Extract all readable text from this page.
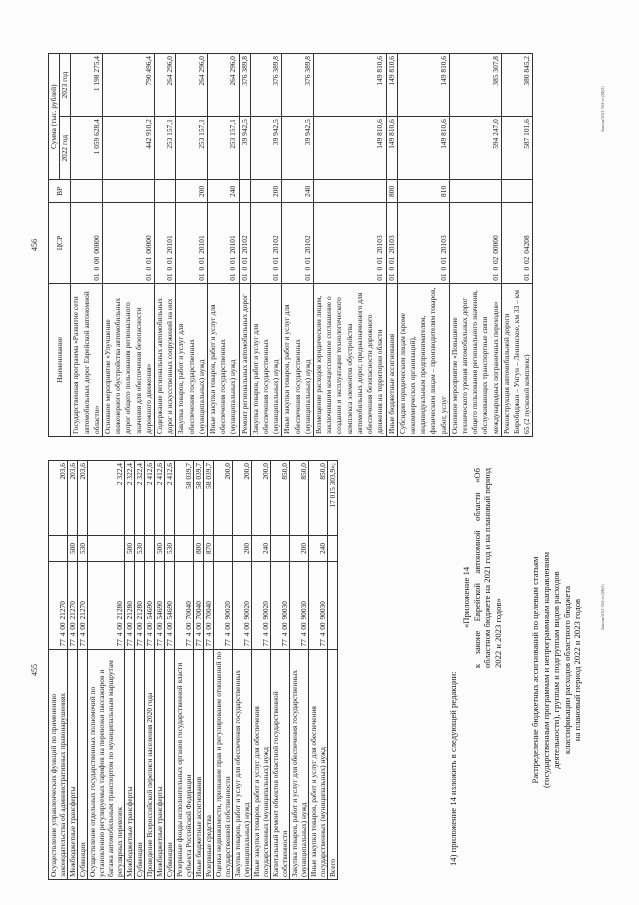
455
Осуществление управленческих функций по применению законодательства об административных правонарушениях	77 4 00 21270		203,6
Межбюджетные трансферты	77 4 00 21270	500	203,6
Субвенции	77 4 00 21270	530	203,6
Осуществление отдельных государственных полномочий по установлению регулируемых тарифов на перевозки пассажиров и багажа автомобильным транспортом по муниципальным маршрутам регулярных перевозок	77 4 00 21280		2 322,4
Межбюджетные трансферты	77 4 00 21280	500	2 322,4
Субвенции	77 4 00 21280	530	2 322,4
Проведение Всероссийской переписи населения 2020 года	77 4 00 54690		2 412,6
Межбюджетные трансферты	77 4 00 54690	500	2 412,6
Субвенции	77 4 00 54690	530	2 412,6
Резервные фонды исполнительных органов государственной власти субъекта Российской Федерации	77 4 00 70040		58 039,7
Иные бюджетные ассигнования	77 4 00 70040	800	58 039,7
Резервные средства	77 4 00 70040	870	58 039,7
Оценка недвижимости, признание прав и регулирование отношений по государственной собственности	77 4 00 90020		200,0
Закупка товаров, работ и услуг для обеспечения государственных (муниципальных) нужд	77 4 00 90020	200	200,0
Иные закупки товаров, работ и услуг для обеспечения государственных (муниципальных) нужд	77 4 00 90020	240	200,0
Капитальный ремонт объектов областной государственной собственности	77 4 00 90030		850,0
Закупка товаров, работ и услуг для обеспечения государственных (муниципальных) нужд	77 4 00 90030	200	850,0
Иные закупки товаров, работ и услуг для обеспечения государственных (муниципальных) нужд	77 4 00 90030	240	850,0
Всего			17 015 303,9»;
14) приложение 14 изложить в следующей редакции:
«Приложение 14 к законе Еврейской автономной области «Об областном бюджете на 2021 год и на плановый период 2022 и 2023 годов»	Распределение бюджетных ассигнований по целевым статьям (государственным программам и непрограммным направлениям деятельности), группам и подгруппам видов расходов классификации расходов областного бюджета на плановый период 2022 и 2023 годов	Законы/2021-304-зо-ДФ(3)
456
Наименование	ЦСР	ВР	Сумма (тыс. рублей)	
			2022 год	2023 год
Государственная программа «Развитие сети автомобильных дорог Еврейской автономной области»	01 0 00 00000		1 059 628,4	1 198 275,4
Основное мероприятие «Улучшение инженерного обустройства автомобильных дорог общего пользования регионального значения для обеспечения безопасности дорожного движения»	01 0 01 00000		442 910,2	790 496,4
Содержание региональных автомобильных дорог и искусственных сооружений на них	01 0 01 20101		253 157,1	264 296,0
Закупка товаров, работ и услуг для обеспечения государственных (муниципальных) нужд	01 0 01 20101	200	253 157,1	264 296,0
Иные закупки товаров, работ и услуг для обеспечения государственных (муниципальных) нужд	01 0 01 20101	240	253 157,1	264 296,0
Ремонт региональных автомобильных дорог	01 0 01 20102		39 942,5	376 389,8
Закупка товаров, работ и услуг для обеспечения государственных (муниципальных) нужд	01 0 01 20102	200	39 942,5	376 389,8
Иные закупки товаров, работ и услуг для обеспечения государственных (муниципальных) нужд	01 0 01 20102	240	39 942,5	376 389,8
Возмещение расходов юридическим лицам, заключившим концессионное соглашение о создании и эксплуатации технологического комплекса элементов обустройства автомобильных дорог, предназначенного для обеспечения безопасности дорожного движения на территории области	01 0 01 20103		149 810,6	149 810,6
Иные бюджетные ассигнования	01 0 01 20103	800	149 810,6	149 810,6
Субсидии юридическим лицам (кроме некоммерческих организаций), индивидуальным предпринимателям, физическим лицам – производителям товаров, работ, услуг	01 0 01 20103	810	149 810,6	149 810,6
Основное мероприятие «Повышение технического уровня автомобильных дорог общего пользования регионального значения, обслуживающих транспортные связи международных пограничных переходов»	01 0 02 00000		594 247,0	385 307,8
Реконструкция автомобильной дороги Биробиджан – Унгун – Ленинское, км 33 – км 65 (2 пусковой комплекс)	01 0 02 04208		587 101,6	380 845,2
Законы/2021-304-зо-ДФ(3)
